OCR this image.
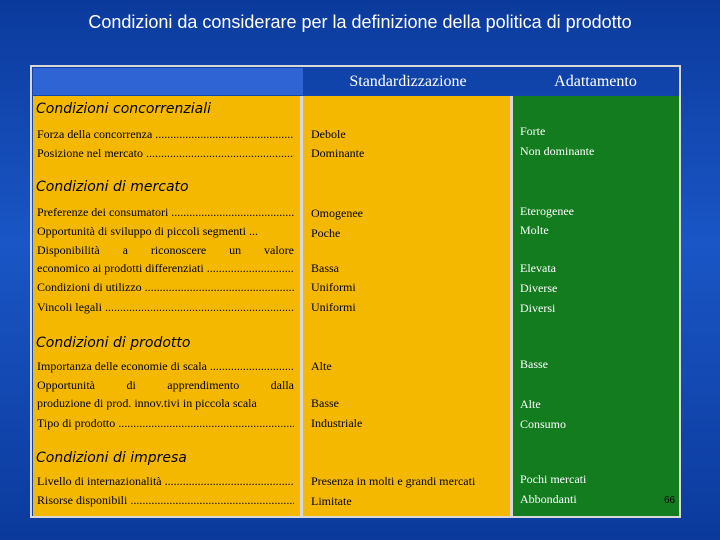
Condizioni da considerare per la definizione della politica di prodotto
Standardizzazione	Adattamento
Condizioni concorrenziali
Forza della concorrenza .....
Posizione nel mercato .....
Debole
Dominante
Forte
Non dominante
Condizioni di mercato
Preferenze dei consumatori .....
Opportunità di sviluppo di piccoli segmenti ...
Disponibilità a riconoscere un valore
economico ai prodotti differenziati .....
Condizioni di utilizzo .....
Vincoli legali .....
Omogenee
Poche
Bassa
Uniformi
Uniformi
Eterogenee
Molte
Elevata
Diverse
Diversi
Condizioni di prodotto
Importanza delle economie di scala .....
Opportunità di apprendimento dalla
produzione di prod. innov.tivi in piccola scala
Tipo di prodotto .....
Alte
Basse
Industriale
Basse
Alte
Consumo
Condizioni di impresa
Livello di internazionalità .....
Risorse disponibili .....
Presenza in molti e grandi mercati
Limitate
Pochi mercati
Abbondanti	66
